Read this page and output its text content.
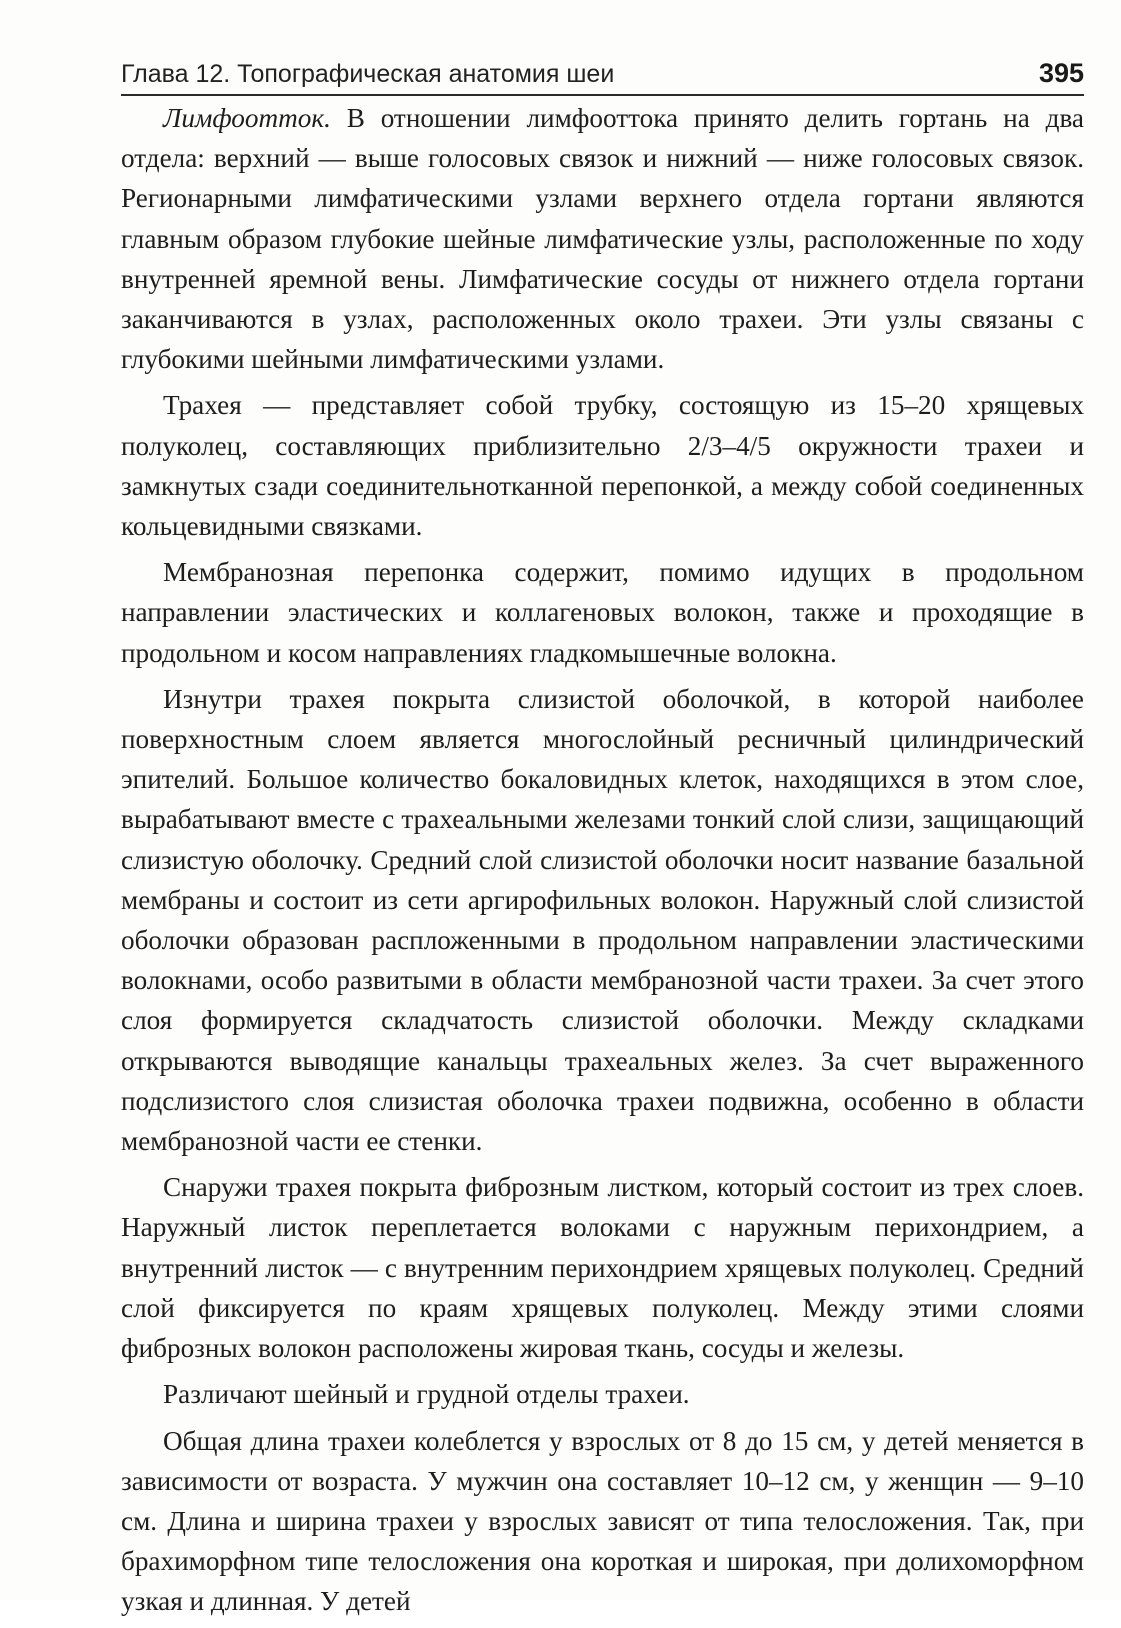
Глава 12. Топографическая анатомия шеи	395

Лимфоотток. В отношении лимфооттока принято делить гортань на два отдела: верхний — выше голосовых связок и нижний — ниже голосовых связок. Регионарными лимфатическими узлами верхнего отдела гортани являются главным образом глубокие шейные лимфатические узлы, расположенные по ходу внутренней яремной вены. Лимфатические сосуды от нижнего отдела гортани заканчиваются в узлах, расположенных около трахеи. Эти узлы связаны с глубокими шейными лимфатическими узлами.

Трахея — представляет собой трубку, состоящую из 15–20 хрящевых полуколец, составляющих приблизительно 2/3–4/5 окружности трахеи и замкнутых сзади соединительнотканной перепонкой, а между собой соединенных кольцевидными связками.

Мембранозная перепонка содержит, помимо идущих в продольном направлении эластических и коллагеновых волокон, также и проходящие в продольном и косом направлениях гладкомышечные волокна.

Изнутри трахея покрыта слизистой оболочкой, в которой наиболее поверхностным слоем является многослойный ресничный цилиндрический эпителий. Большое количество бокаловидных клеток, находящихся в этом слое, вырабатывают вместе с трахеальными железами тонкий слой слизи, защищающий слизистую оболочку. Средний слой слизистой оболочки носит название базальной мембраны и состоит из сети аргирофильных волокон. Наружный слой слизистой оболочки образован распложенными в продольном направлении эластическими волокнами, особо развитыми в области мембранозной части трахеи. За счет этого слоя формируется складчатость слизистой оболочки. Между складками открываются выводящие канальцы трахеальных желез. За счет выраженного подслизистого слоя слизистая оболочка трахеи подвижна, особенно в области мембранозной части ее стенки.

Снаружи трахея покрыта фиброзным листком, который состоит из трех слоев. Наружный листок переплетается волоками с наружным перихондрием, а внутренний листок — с внутренним перихондрием хрящевых полуколец. Средний слой фиксируется по краям хрящевых полуколец. Между этими слоями фиброзных волокон расположены жировая ткань, сосуды и железы.

Различают шейный и грудной отделы трахеи.

Общая длина трахеи колеблется у взрослых от 8 до 15 см, у детей меняется в зависимости от возраста. У мужчин она составляет 10–12 см, у женщин — 9–10 см. Длина и ширина трахеи у взрослых зависят от типа телосложения. Так, при брахиморфном типе телосложения она короткая и широкая, при долихоморфном узкая и длинная. У детей
